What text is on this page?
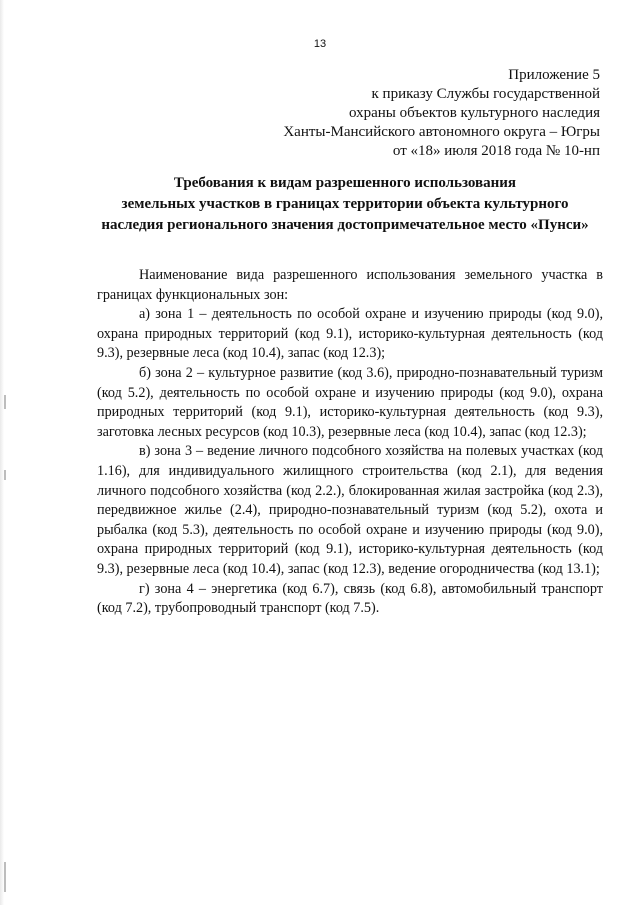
13
Приложение 5
к приказу Службы государственной
охраны объектов культурного наследия
Ханты-Мансийского автономного округа – Югры
от «18» июля 2018 года № 10-нп
Требования к видам разрешенного использования
земельных участков в границах территории объекта культурного
наследия регионального значения достопримечательное место «Пунси»

Наименование вида разрешенного использования земельного участка в границах функциональных зон:

а) зона 1 – деятельность по особой охране и изучению природы (код 9.0), охрана природных территорий (код 9.1), историко-культурная деятельность (код 9.3), резервные леса (код 10.4), запас (код 12.3);

б) зона 2 – культурное развитие (код 3.6), природно-познавательный туризм (код 5.2), деятельность по особой охране и изучению природы (код 9.0), охрана природных территорий (код 9.1), историко-культурная деятельность (код 9.3), заготовка лесных ресурсов (код 10.3), резервные леса (код 10.4), запас (код 12.3);

в) зона 3 – ведение личного подсобного хозяйства на полевых участках (код 1.16), для индивидуального жилищного строительства (код 2.1), для ведения личного подсобного хозяйства (код 2.2.), блокированная жилая застройка (код 2.3), передвижное жилье (2.4), природно-познавательный туризм (код 5.2), охота и рыбалка (код 5.3), деятельность по особой охране и изучению природы (код 9.0), охрана природных территорий (код 9.1), историко-культурная деятельность (код 9.3), резервные леса (код 10.4), запас (код 12.3), ведение огородничества (код 13.1);

г) зона 4 – энергетика (код 6.7), связь (код 6.8), автомобильный транспорт (код 7.2), трубопроводный транспорт (код 7.5).
